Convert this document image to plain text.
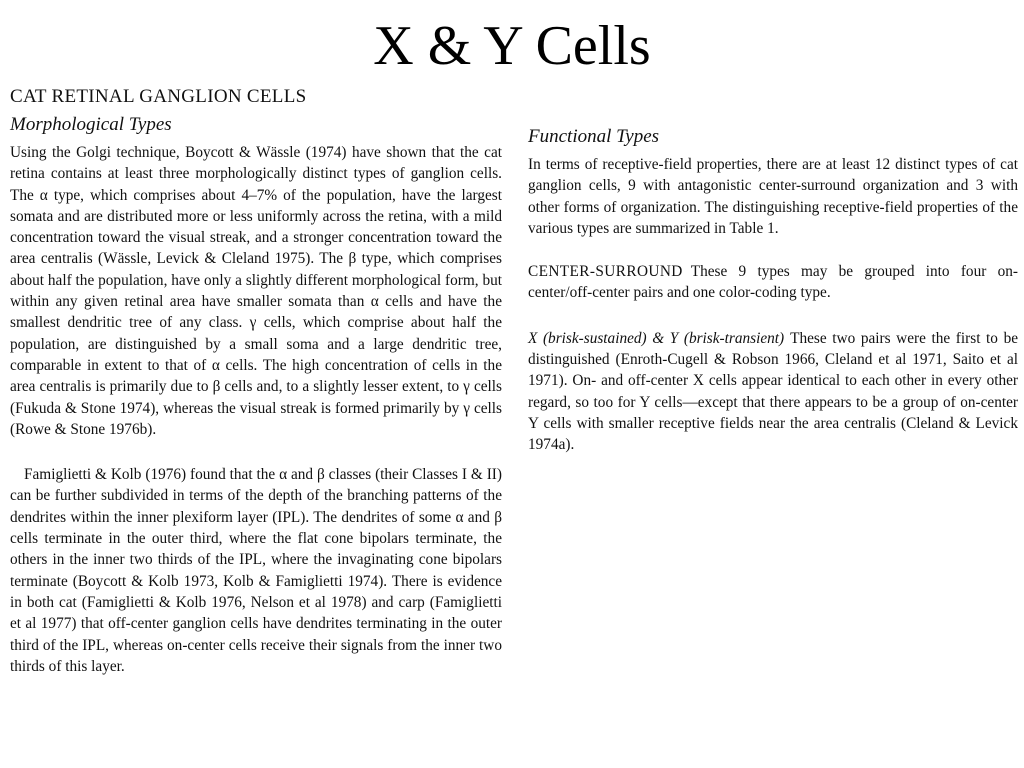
X & Y Cells
CAT RETINAL GANGLION CELLS
Morphological Types

Using the Golgi technique, Boycott & Wässle (1974) have shown that the cat retina contains at least three morphologically distinct types of ganglion cells. The α type, which comprises about 4–7% of the population, have the largest somata and are distributed more or less uniformly across the retina, with a mild concentration toward the visual streak, and a stronger concentration toward the area centralis (Wässle, Levick & Cleland 1975). The β type, which comprises about half the population, have only a slightly different morphological form, but within any given retinal area have smaller somata than α cells and have the smallest dendritic tree of any class. γ cells, which comprise about half the population, are distinguished by a small soma and a large dendritic tree, comparable in extent to that of α cells. The high concentration of cells in the area centralis is primarily due to β cells and, to a slightly lesser extent, to γ cells (Fukuda & Stone 1974), whereas the visual streak is formed primarily by γ cells (Rowe & Stone 1976b).

Famiglietti & Kolb (1976) found that the α and β classes (their Classes I & II) can be further subdivided in terms of the depth of the branching patterns of the dendrites within the inner plexiform layer (IPL). The dendrites of some α and β cells terminate in the outer third, where the flat cone bipolars terminate, the others in the inner two thirds of the IPL, where the invaginating cone bipolars terminate (Boycott & Kolb 1973, Kolb & Famiglietti 1974). There is evidence in both cat (Famiglietti & Kolb 1976, Nelson et al 1978) and carp (Famiglietti et al 1977) that off-center ganglion cells have dendrites terminating in the outer third of the IPL, whereas on-center cells receive their signals from the inner two thirds of this layer.

Functional Types

In terms of receptive-field properties, there are at least 12 distinct types of cat ganglion cells, 9 with antagonistic center-surround organization and 3 with other forms of organization. The distinguishing receptive-field properties of the various types are summarized in Table 1.

CENTER-SURROUND These 9 types may be grouped into four on-center/off-center pairs and one color-coding type.

X (brisk-sustained) & Y (brisk-transient) These two pairs were the first to be distinguished (Enroth-Cugell & Robson 1966, Cleland et al 1971, Saito et al 1971). On- and off-center X cells appear identical to each other in every other regard, so too for Y cells—except that there appears to be a group of on-center Y cells with smaller receptive fields near the area centralis (Cleland & Levick 1974a).
